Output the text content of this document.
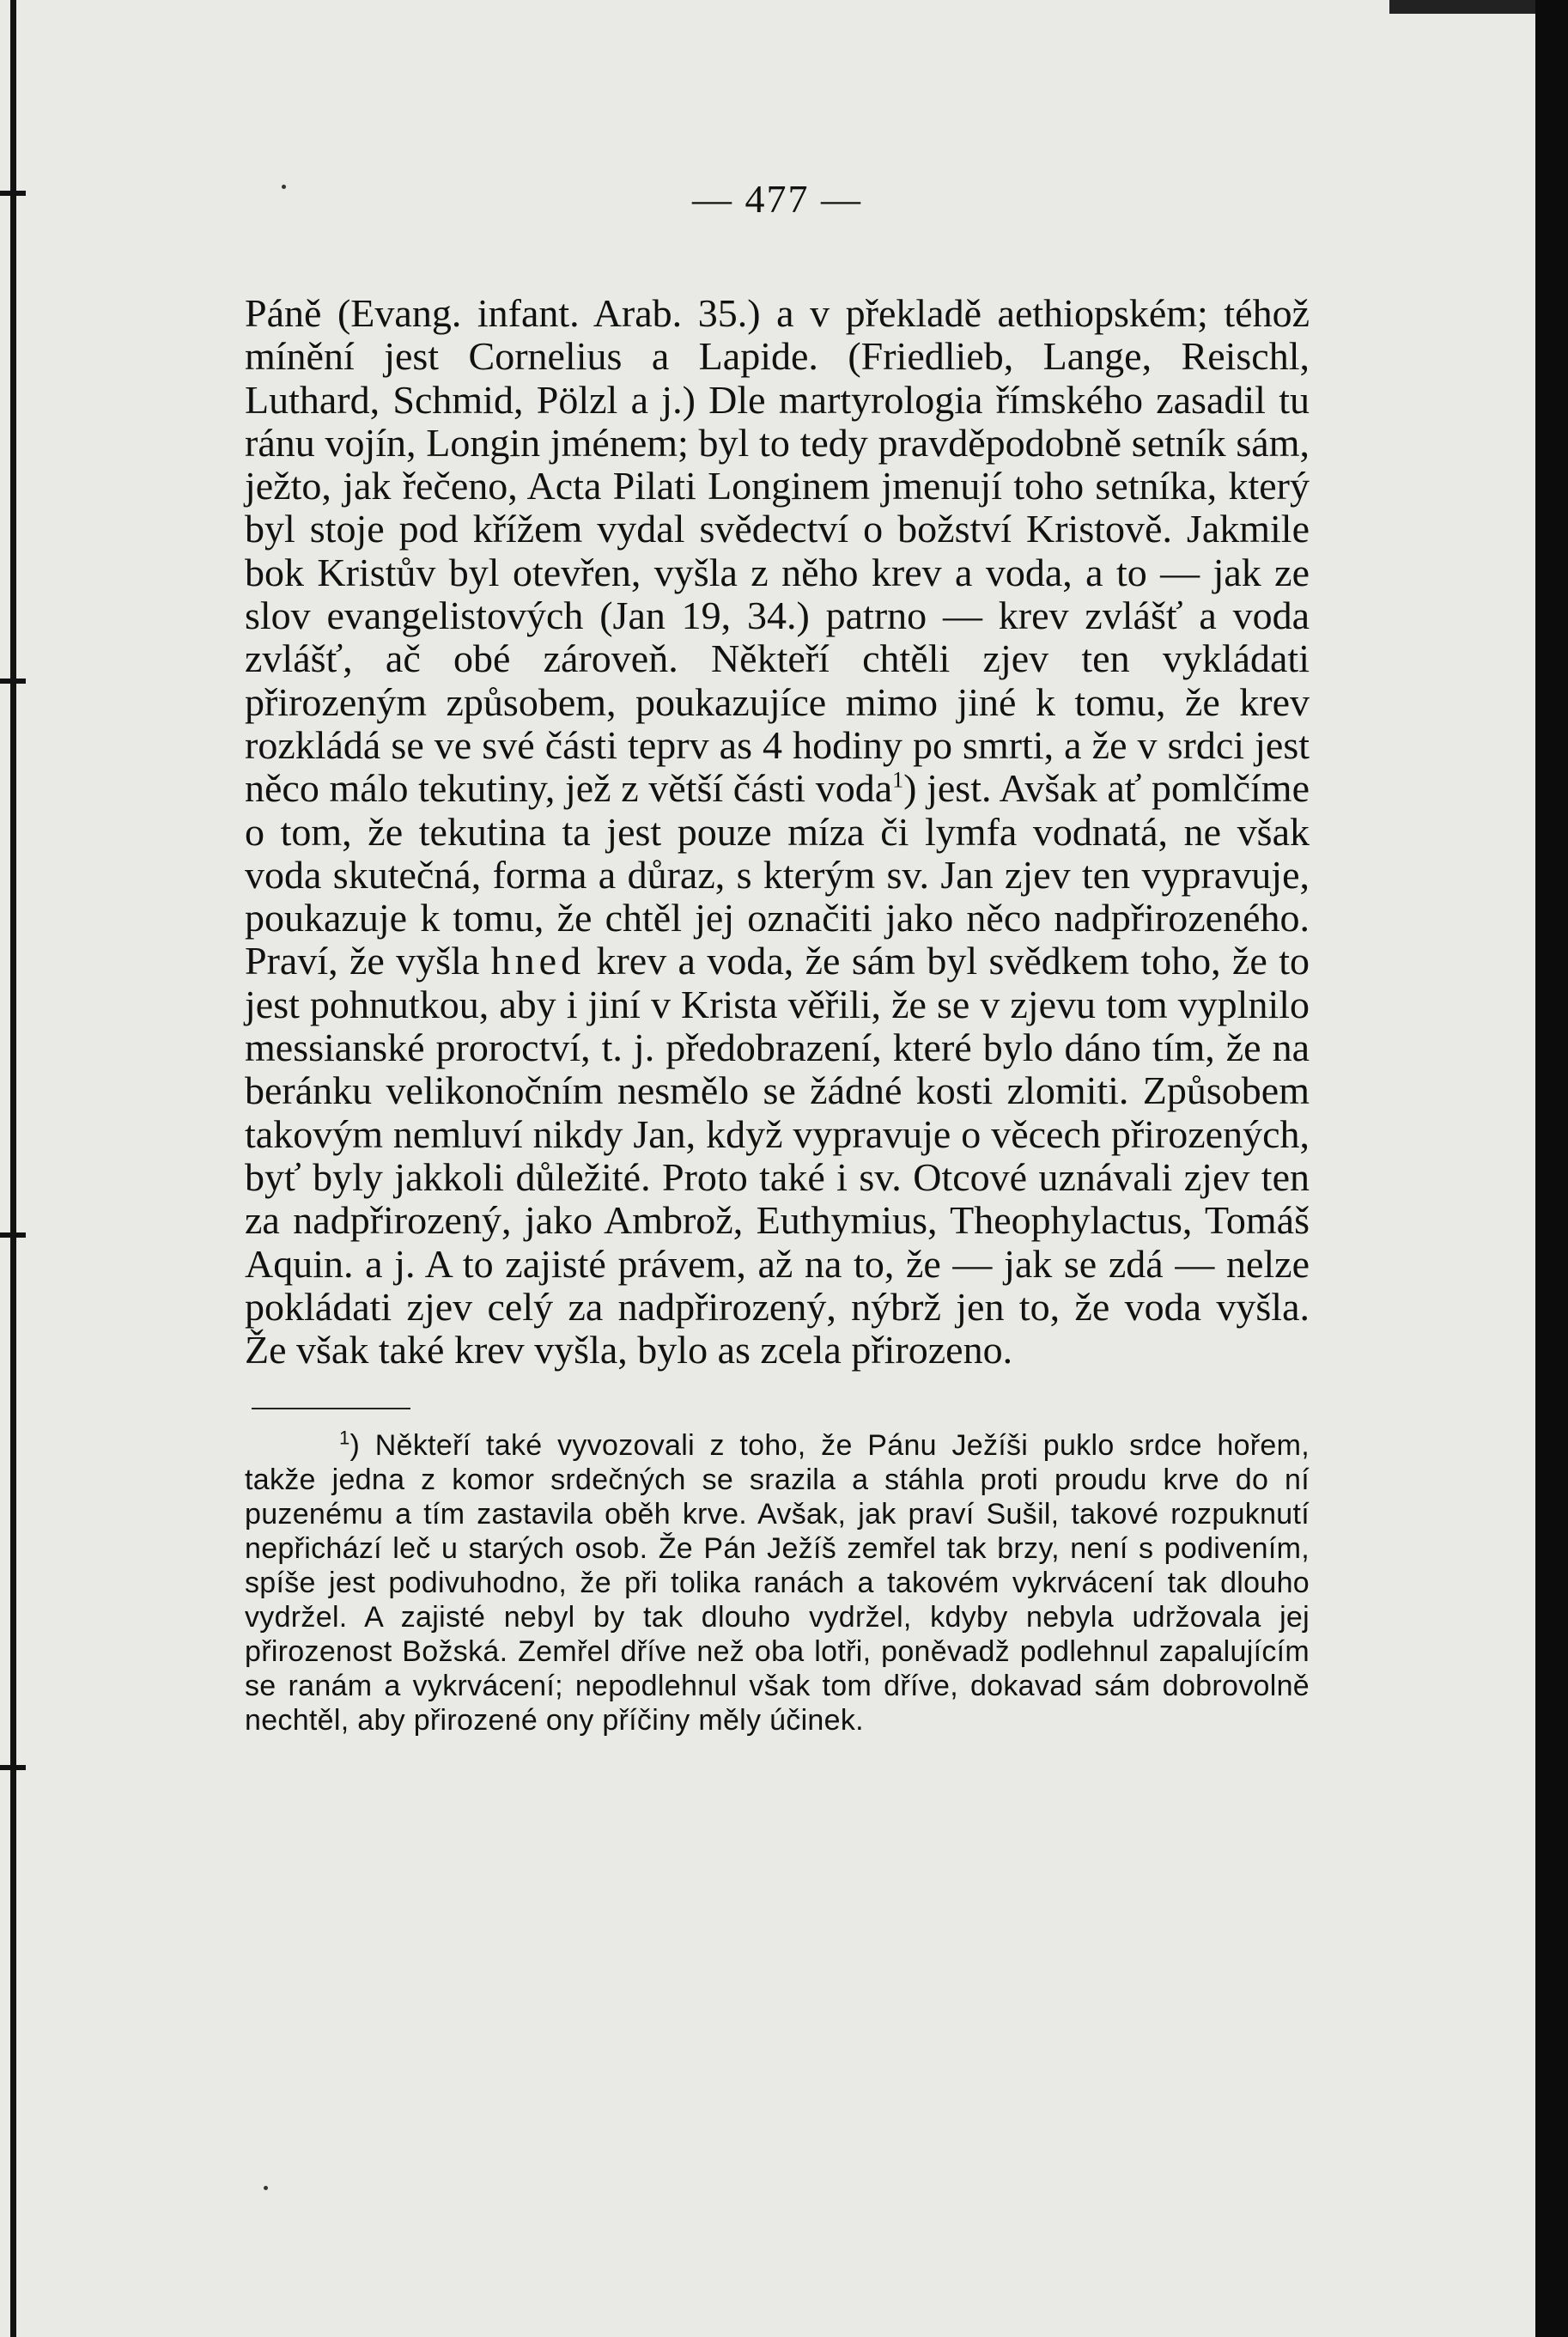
— 477 —

Páně (Evang. infant. Arab. 35.) a v překladě aethiopském; téhož mínění jest Cornelius a Lapide. (Friedlieb, Lange, Reischl, Luthard, Schmid, Pölzl a j.) Dle martyrologia římského zasadil tu ránu vojín, Longin jménem; byl to tedy pravděpodobně setník sám, ježto, jak řečeno, Acta Pilati Longinem jmenují toho setníka, který byl stoje pod křížem vydal svědectví o božství Kristově. Jakmile bok Kristův byl otevřen, vyšla z něho krev a voda, a to — jak ze slov evangelistových (Jan 19, 34.) patrno — krev zvlášť a voda zvlášť, ač obé zároveň. Někteří chtěli zjev ten vykládati přirozeným způsobem, poukazujíce mimo jiné k tomu, že krev rozkládá se ve své části teprv as 4 hodiny po smrti, a že v srdci jest něco málo tekutiny, jež z větší části voda$^1$) jest. Avšak ať pomlčíme o tom, že tekutina ta jest pouze míza či lymfa vodnatá, ne však voda skutečná, forma a důraz, s kterým sv. Jan zjev ten vypravuje, poukazuje k tomu, že chtěl jej označiti jako něco nadpřirozeného. Praví, že vyšla hned krev a voda, že sám byl svědkem toho, že to jest pohnutkou, aby i jiní v Krista věřili, že se v zjevu tom vyplnilo messianské proroctví, t. j. předobrazení, které bylo dáno tím, že na beránku velikonočním nesmělo se žádné kosti zlomiti. Způsobem takovým nemluví nikdy Jan, když vypravuje o věcech přirozených, byť byly jakkoli důležité. Proto také i sv. Otcové uznávali zjev ten za nadpřirozený, jako Ambrož, Euthymius, Theophylactus, Tomáš Aquin. a j. A to zajisté právem, až na to, že — jak se zdá — nelze pokládati zjev celý za nadpřirozený, nýbrž jen to, že voda vyšla. Že však také krev vyšla, bylo as zcela přirozeno.

$^1$) Někteří také vyvozovali z toho, že Pánu Ježíši puklo srdce hořem, takže jedna z komor srdečných se srazila a stáhla proti proudu krve do ní puzenému a tím zastavila oběh krve. Avšak, jak praví Sušil, takové rozpuknutí nepřichází leč u starých osob. Že Pán Ježíš zemřel tak brzy, není s podivením, spíše jest podivuhodno, že při tolika ranách a takovém vykrvácení tak dlouho vydržel. A zajisté nebyl by tak dlouho vydržel, kdyby nebyla udržovala jej přirozenost Božská. Zemřel dříve než oba lotři, poněvadž podlehnul zapalujícím se ranám a vykrvácení; nepodlehnul však tom dříve, dokavad sám dobrovolně nechtěl, aby přirozené ony příčiny měly účinek.
